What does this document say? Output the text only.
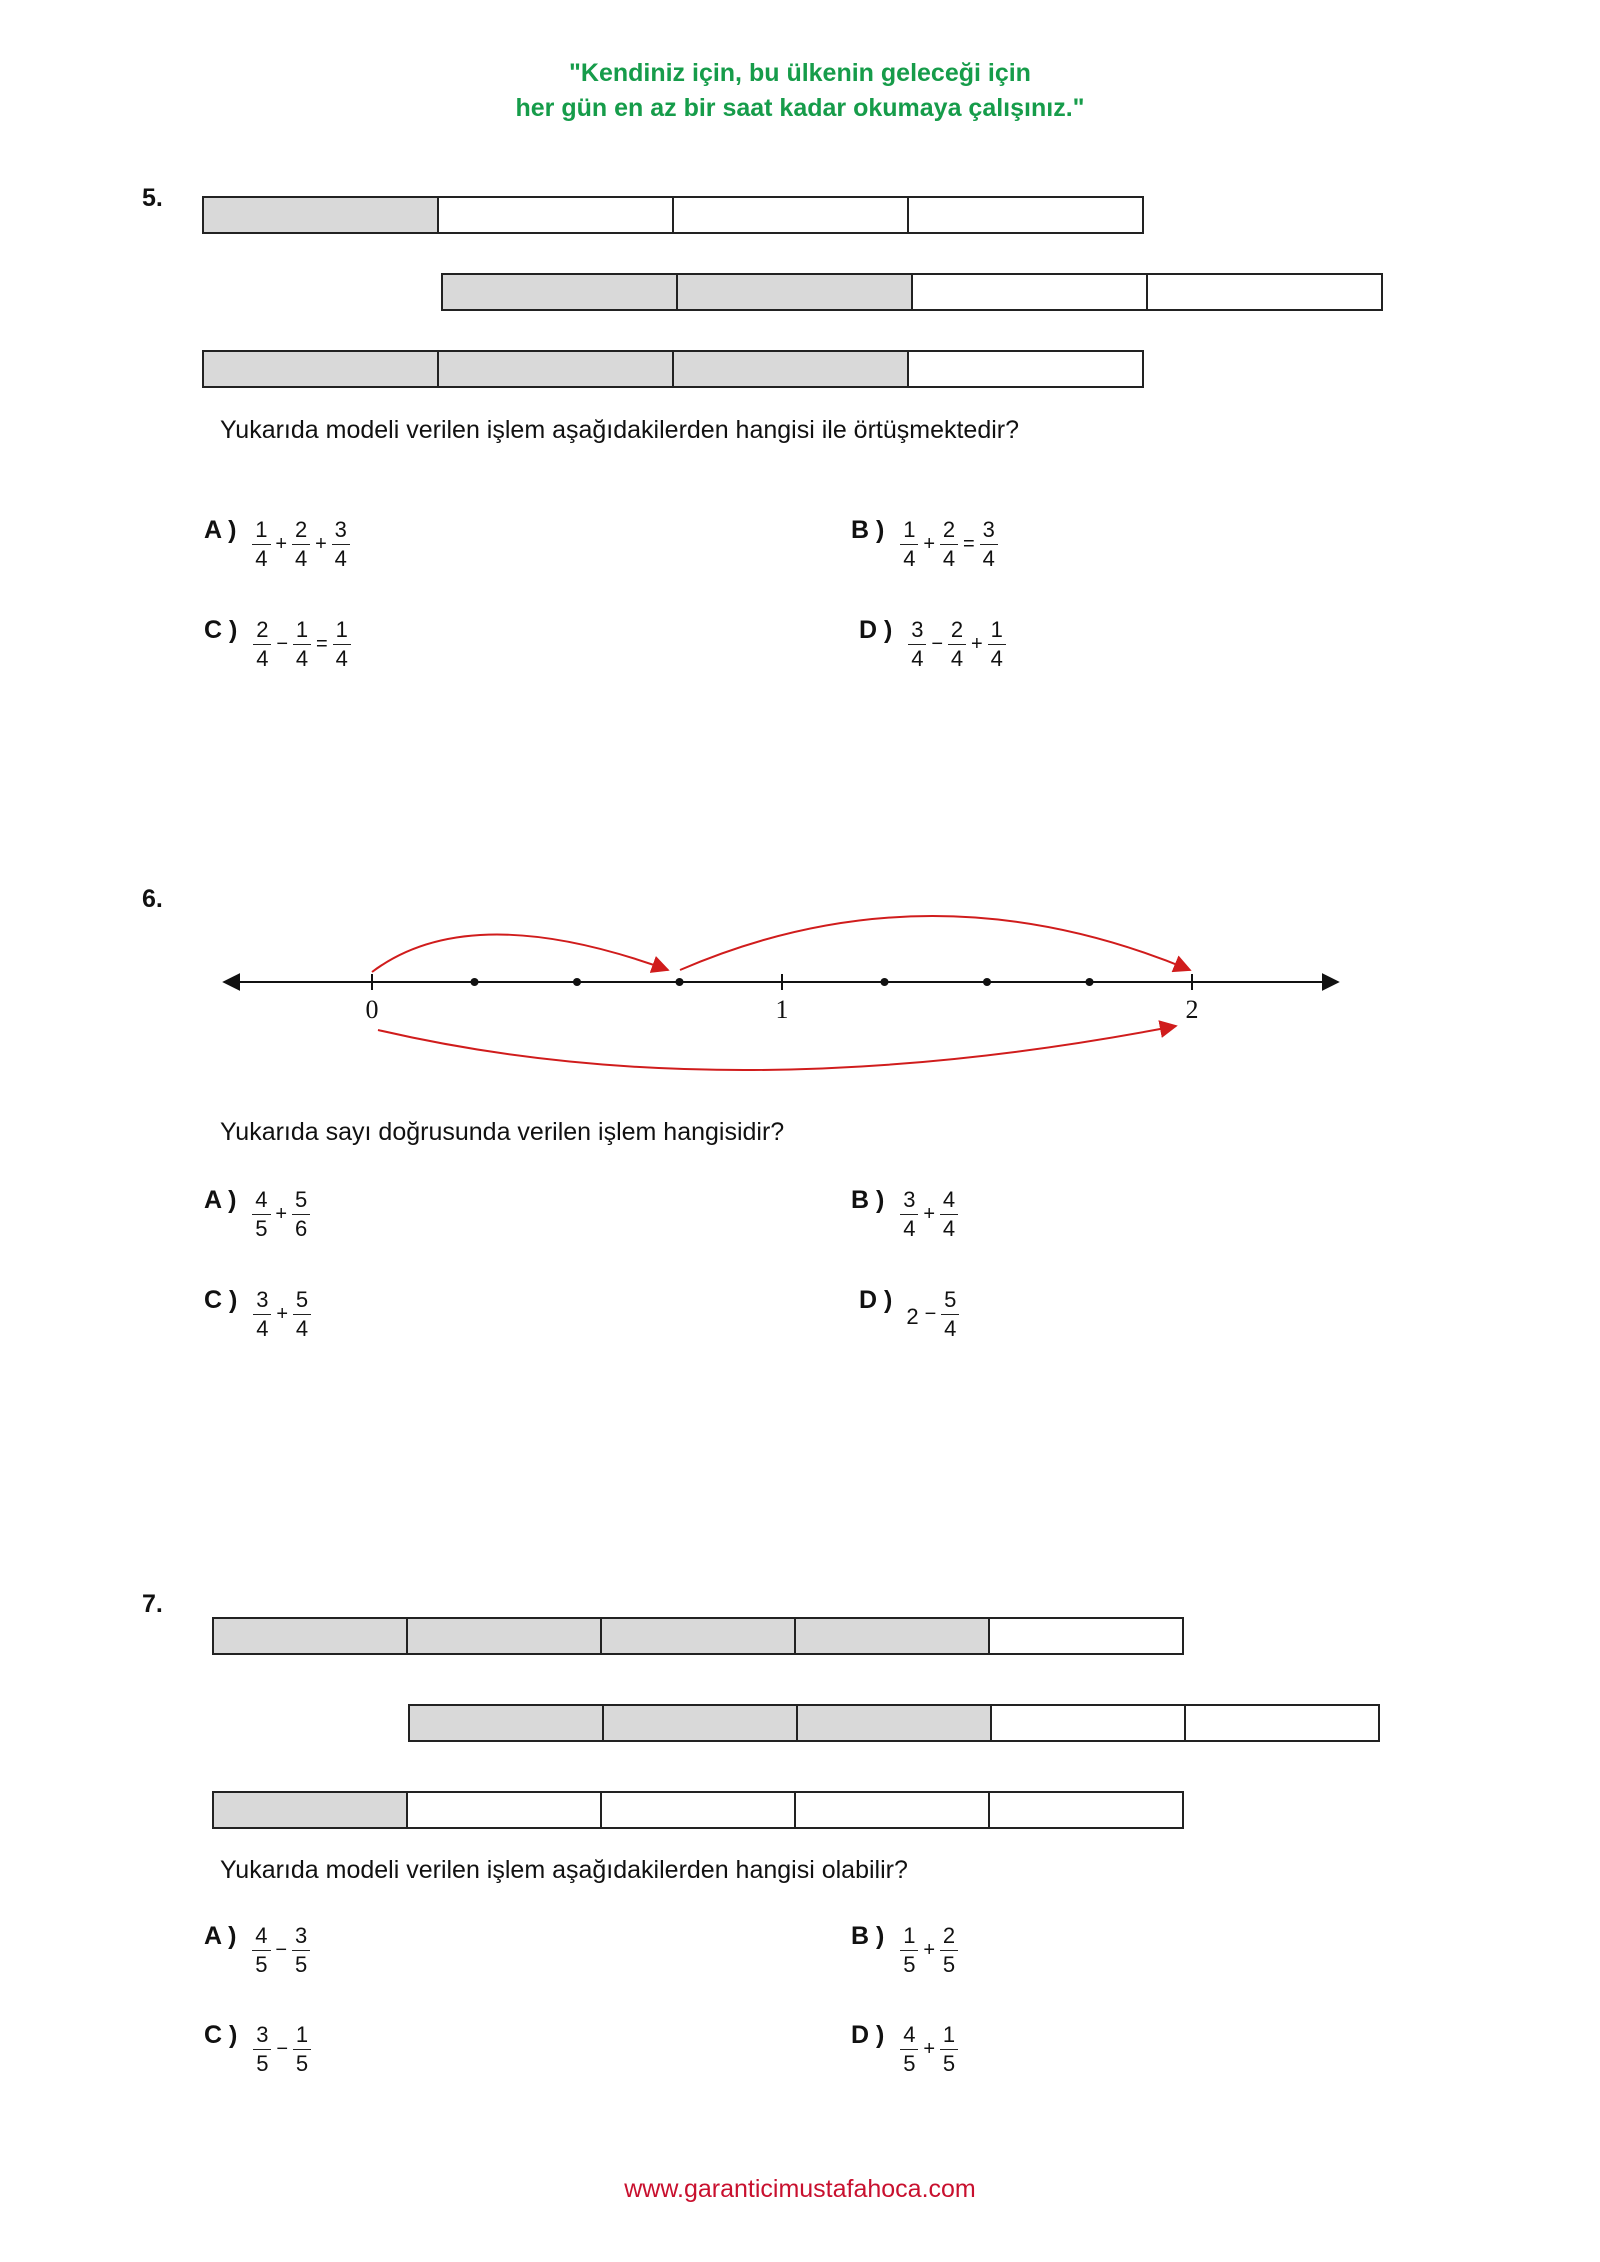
"Kendiniz için, bu ülkenin geleceği için
her gün en az bir saat kadar okumaya çalışınız."
5.
Yukarıda modeli verilen işlem aşağıdakilerden hangisi ile örtüşmektedir?
A ) $\frac{1}{4} + \frac{2}{4} + \frac{3}{4}$	B ) $\frac{1}{4} + \frac{2}{4} = \frac{3}{4}$
C ) $\frac{2}{4} - \frac{1}{4} = \frac{1}{4}$	D ) $\frac{3}{4} - \frac{2}{4} + \frac{1}{4}$
6.
0	1	2
Yukarıda sayı doğrusunda verilen işlem hangisidir?
A ) $\frac{4}{5} + \frac{5}{6}$	B ) $\frac{3}{4} + \frac{4}{4}$
C ) $\frac{3}{4} + \frac{5}{4}$	D )
$2 - \frac{5}{4}$
7.
Yukarıda modeli verilen işlem aşağıdakilerden hangisi olabilir?
A ) $\frac{4}{5} - \frac{3}{5}$	B ) $\frac{1}{5} + \frac{2}{5}$
C ) $\frac{3}{5} - \frac{1}{5}$	D ) $\frac{4}{5} + \frac{1}{5}$
www.garanticimustafahoca.com
